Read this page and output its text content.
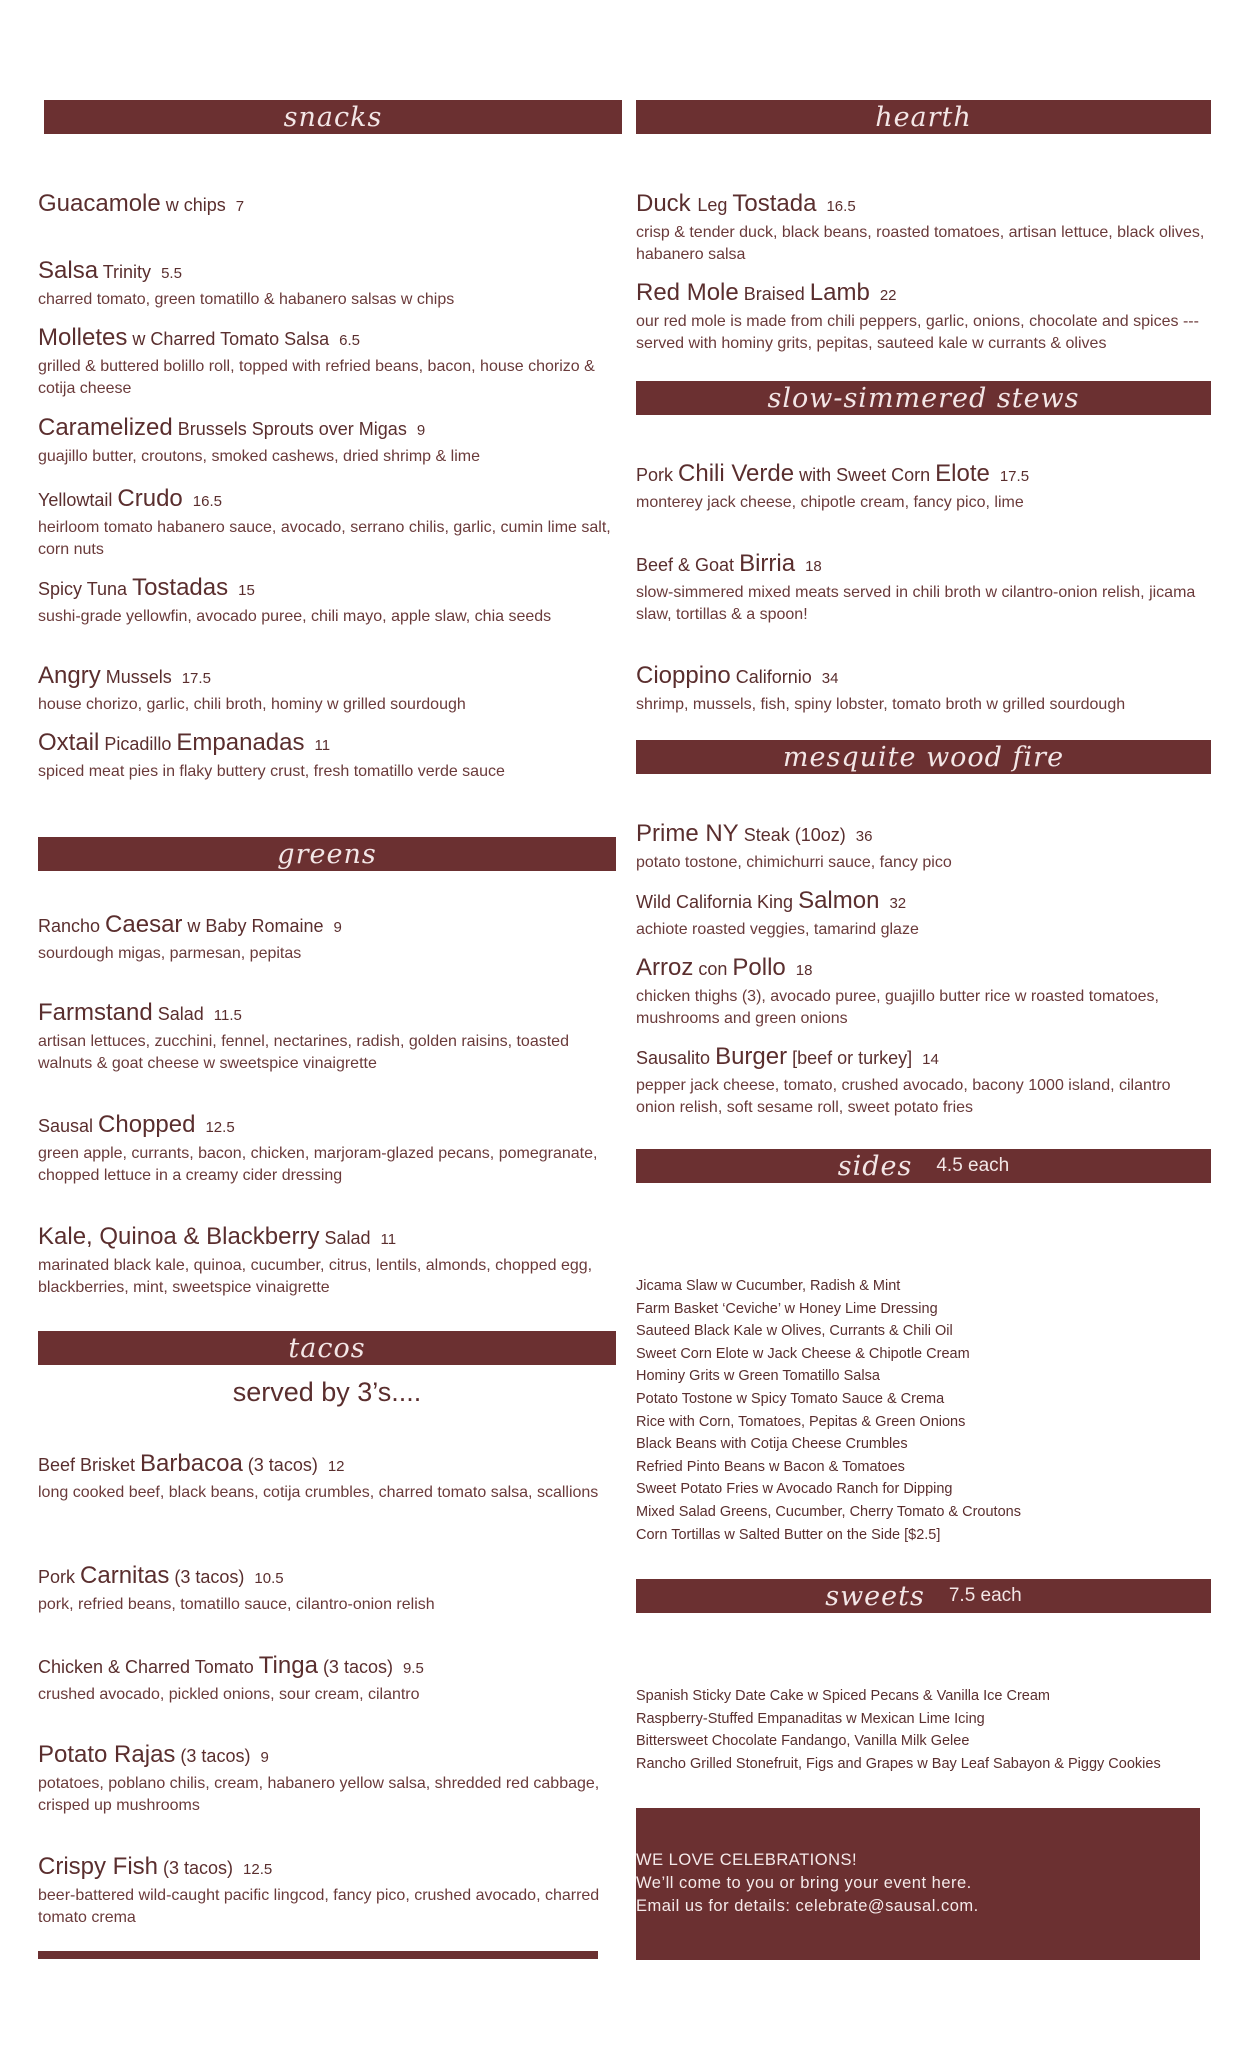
snacks
Guacamole w chips 7
Salsa Trinity 5.5
charred tomato, green tomatillo & habanero salsas w chips
Molletes w Charred Tomato Salsa 6.5
grilled & buttered bolillo roll, topped with refried beans, bacon, house chorizo & cotija cheese
Caramelized Brussels Sprouts over Migas 9
guajillo butter, croutons, smoked cashews, dried shrimp & lime
Yellowtail Crudo 16.5
heirloom tomato habanero sauce, avocado, serrano chilis, garlic, cumin lime salt, corn nuts
Spicy Tuna Tostadas 15
sushi-grade yellowfin, avocado puree, chili mayo, apple slaw, chia seeds
Angry Mussels 17.5
house chorizo, garlic, chili broth, hominy w grilled sourdough
Oxtail Picadillo Empanadas 11
spiced meat pies in flaky buttery crust, fresh tomatillo verde sauce
greens
Rancho Caesar w Baby Romaine 9
sourdough migas, parmesan, pepitas
Farmstand Salad 11.5
artisan lettuces, zucchini, fennel, nectarines, radish, golden raisins, toasted walnuts & goat cheese w sweetspice vinaigrette
Sausal Chopped 12.5
green apple, currants, bacon, chicken, marjoram-glazed pecans, pomegranate, chopped lettuce in a creamy cider dressing
Kale, Quinoa & Blackberry Salad 11
marinated black kale, quinoa, cucumber, citrus, lentils, almonds, chopped egg, blackberries, mint, sweetspice vinaigrette
tacos
served by 3’s....
Beef Brisket Barbacoa (3 tacos) 12
long cooked beef, black beans, cotija crumbles, charred tomato salsa, scallions
Pork Carnitas (3 tacos) 10.5
pork, refried beans, tomatillo sauce, cilantro-onion relish
Chicken & Charred Tomato Tinga (3 tacos) 9.5
crushed avocado, pickled onions, sour cream, cilantro
Potato Rajas (3 tacos) 9
potatoes, poblano chilis, cream, habanero yellow salsa, shredded red cabbage, crisped up mushrooms
Crispy Fish (3 tacos) 12.5
beer-battered wild-caught pacific lingcod, fancy pico, crushed avocado, charred tomato crema
hearth
Duck Leg Tostada 16.5
crisp & tender duck, black beans, roasted tomatoes, artisan lettuce, black olives, habanero salsa
Red Mole Braised Lamb 22
our red mole is made from chili peppers, garlic, onions, chocolate and spices --- served with hominy grits, pepitas, sauteed kale w currants & olives
slow-simmered stews
Pork Chili Verde with Sweet Corn Elote 17.5
monterey jack cheese, chipotle cream, fancy pico, lime
Beef & Goat Birria 18
slow-simmered mixed meats served in chili broth w cilantro-onion relish, jicama slaw, tortillas & a spoon!
Cioppino Californio 34
shrimp, mussels, fish, spiny lobster, tomato broth w grilled sourdough
mesquite wood fire
Prime NY Steak (10oz) 36
potato tostone, chimichurri sauce, fancy pico
Wild California King Salmon 32
achiote roasted veggies, tamarind glaze
Arroz con Pollo 18
chicken thighs (3), avocado puree, guajillo butter rice w roasted tomatoes, mushrooms and green onions
Sausalito Burger [beef or turkey] 14
pepper jack cheese, tomato, crushed avocado, bacony 1000 island, cilantro onion relish, soft sesame roll, sweet potato fries
sides 4.5 each
Jicama Slaw w Cucumber, Radish & Mint
Farm Basket ‘Ceviche’ w Honey Lime Dressing
Sauteed Black Kale w Olives, Currants & Chili Oil
Sweet Corn Elote w Jack Cheese & Chipotle Cream
Hominy Grits w Green Tomatillo Salsa
Potato Tostone w Spicy Tomato Sauce & Crema
Rice with Corn, Tomatoes, Pepitas & Green Onions
Black Beans with Cotija Cheese Crumbles
Refried Pinto Beans w Bacon & Tomatoes
Sweet Potato Fries w Avocado Ranch for Dipping
Mixed Salad Greens, Cucumber, Cherry Tomato & Croutons
Corn Tortillas w Salted Butter on the Side [$2.5]
sweets 7.5 each
Spanish Sticky Date Cake w Spiced Pecans & Vanilla Ice Cream
Raspberry-Stuffed Empanaditas w Mexican Lime Icing
Bittersweet Chocolate Fandango, Vanilla Milk Gelee
Rancho Grilled Stonefruit, Figs and Grapes w Bay Leaf Sabayon & Piggy Cookies
WE LOVE CELEBRATIONS!
We’ll come to you or bring your event here.
Email us for details: celebrate@sausal.com.
